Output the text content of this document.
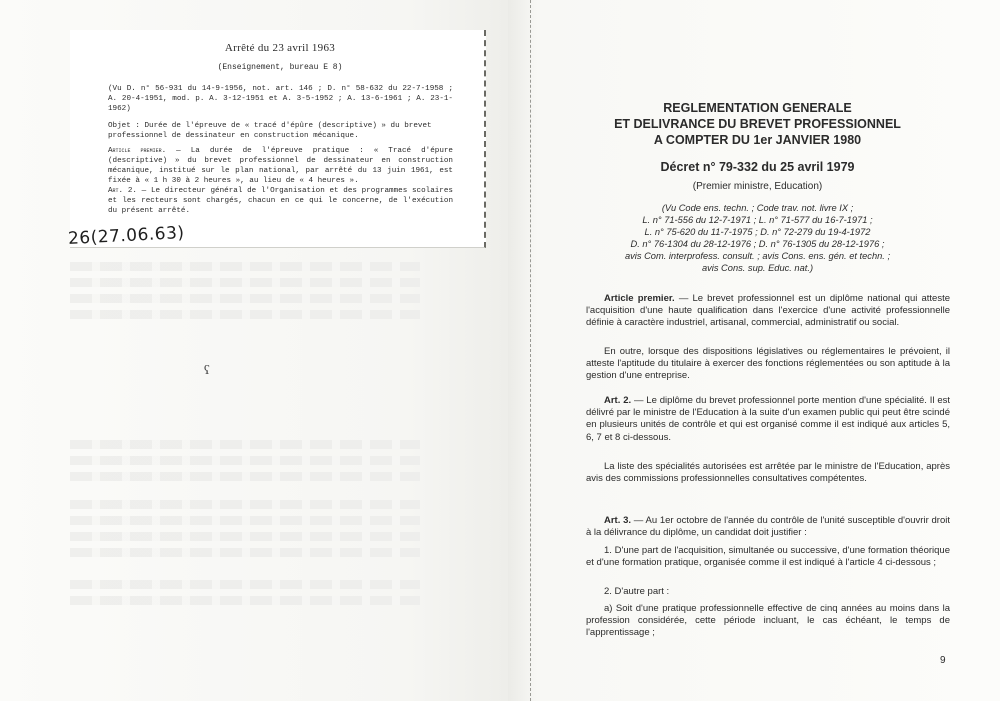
Arrêté du 23 avril 1963
(Enseignement, bureau E 8)
(Vu D. n° 56-931 du 14-9-1956, not. art. 146 ; D. n° 58-632 du 22-7-1958 ; A. 20-4-1951, mod. p. A. 3-12-1951 et A. 3-5-1952 ; A. 13-6-1961 ; A. 23-1-1962)
Objet : Durée de l'épreuve de « tracé d'épûre (descriptive) » du brevet professionnel de dessinateur en construction mécanique.
Article premier. — La durée de l'épreuve pratique : « Tracé d'épure (descriptive) » du brevet professionnel de dessinateur en construction mécanique, institué sur le plan national, par arrêté du 13 juin 1961, est fixée à « 1 h 30 à 2 heures », au lieu de « 4 heures ».
Art. 2. — Le directeur général de l'Organisation et des programmes scolaires et les recteurs sont chargés, chacun en ce qui le concerne, de l'exécution du présent arrêté.
26(27.06.63)
ʕ
REGLEMENTATION GENERALE
ET DELIVRANCE DU BREVET PROFESSIONNEL
A COMPTER DU 1er JANVIER 1980
Décret n° 79-332 du 25 avril 1979
(Premier ministre, Education)
(Vu Code ens. techn. ; Code trav. not. livre IX ;
L. n° 71-556 du 12-7-1971 ; L. n° 71-577 du 16-7-1971 ;
L. n° 75-620 du 11-7-1975 ; D. n° 72-279 du 19-4-1972
D. n° 76-1304 du 28-12-1976 ; D. n° 76-1305 du 28-12-1976 ;
avis Com. interprofess. consult. ; avis Cons. ens. gén. et techn. ;
avis Cons. sup. Educ. nat.)
Article premier. — Le brevet professionnel est un diplôme national qui atteste l'acquisition d'une haute qualification dans l'exercice d'une activité professionnelle définie à caractère industriel, artisanal, commercial, administratif ou social.
En outre, lorsque des dispositions législatives ou réglementaires le prévoient, il atteste l'aptitude du titulaire à exercer des fonctions réglementées ou son aptitude à la gestion d'une entreprise.
Art. 2. — Le diplôme du brevet professionnel porte mention d'une spécialité. Il est délivré par le ministre de l'Education à la suite d'un examen public qui peut être scindé en plusieurs unités de contrôle et qui est organisé comme il est indiqué aux articles 5, 6, 7 et 8 ci-dessous.
La liste des spécialités autorisées est arrêtée par le ministre de l'Education, après avis des commissions professionnelles consultatives compétentes.
Art. 3. — Au 1er octobre de l'année du contrôle de l'unité susceptible d'ouvrir droit à la délivrance du diplôme, un candidat doit justifier :
1. D'une part de l'acquisition, simultanée ou successive, d'une formation théorique et d'une formation pratique, organisée comme il est indiqué à l'article 4 ci-dessous ;
2. D'autre part :
a) Soit d'une pratique professionnelle effective de cinq années au moins dans la profession considérée, cette période incluant, le cas échéant, le temps de l'apprentissage ;
9
